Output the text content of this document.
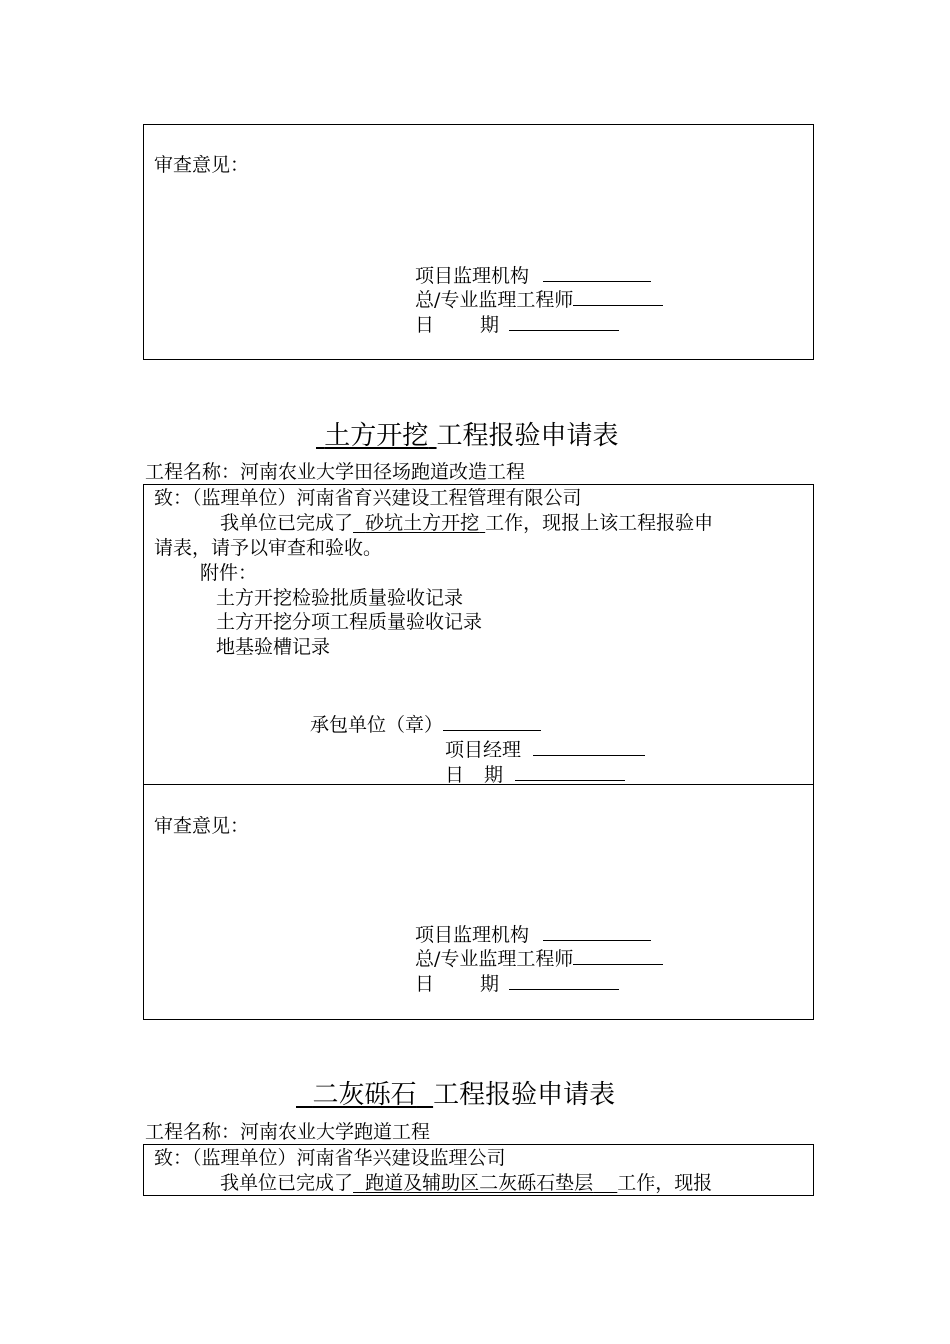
审查意见：
项目监理机构
总/专业监理工程师
日 期
土方开挖 工程报验申请表
工程名称：河南农业大学田径场跑道改造工程
致：（监理单位）河南省育兴建设工程管理有限公司
我单位已完成了 砂坑土方开挖 工作，现报上该工程报验申
请表，请予以审查和验收。
附件：
土方开挖检验批质量验收记录
土方开挖分项工程质量验收记录
地基验槽记录
承包单位（章）
项目经理
日 期
审查意见：
项目监理机构
总/专业监理工程师
日 期
二灰砾石 工程报验申请表
工程名称：河南农业大学跑道工程
致：（监理单位）河南省华兴建设监理公司
我单位已完成了 跑道及辅助区二灰砾石垫层 工作，现报
